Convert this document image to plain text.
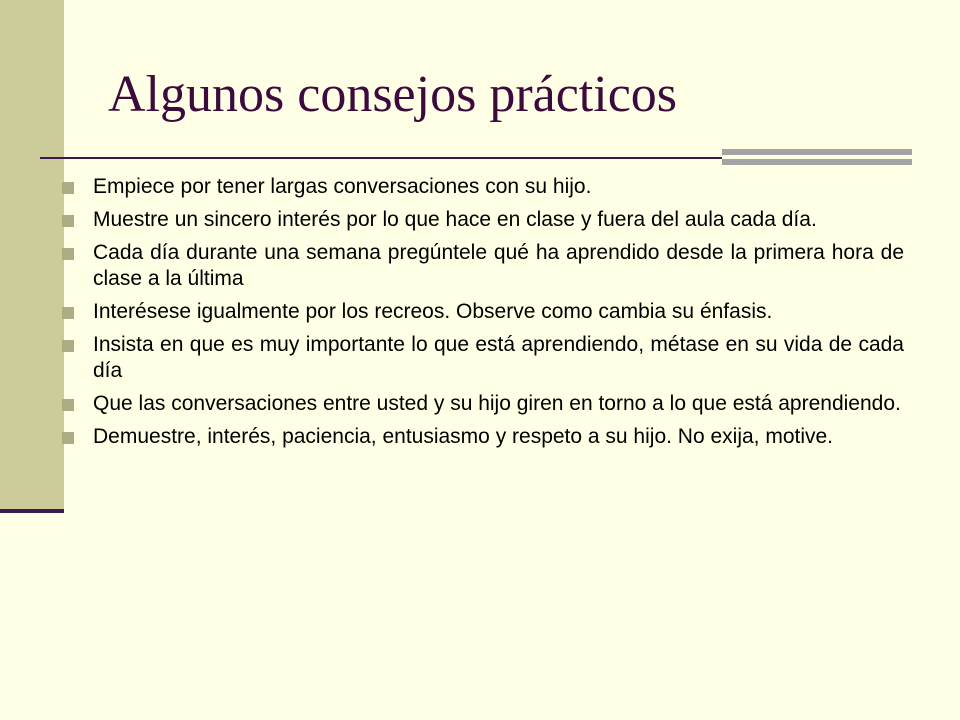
Algunos consejos prácticos
Empiece por tener largas conversaciones con su hijo.
Muestre un sincero interés por lo que hace en clase y fuera del aula cada día.
Cada día durante una semana pregúntele qué ha aprendido desde la primera hora de clase a la última
Interésese igualmente por los recreos. Observe como cambia su énfasis.
Insista en que es muy importante lo que está aprendiendo, métase en su vida de cada día
Que las conversaciones entre usted y su hijo giren en torno a lo que está aprendiendo.
Demuestre, interés, paciencia, entusiasmo y respeto a su hijo. No exija, motive.
